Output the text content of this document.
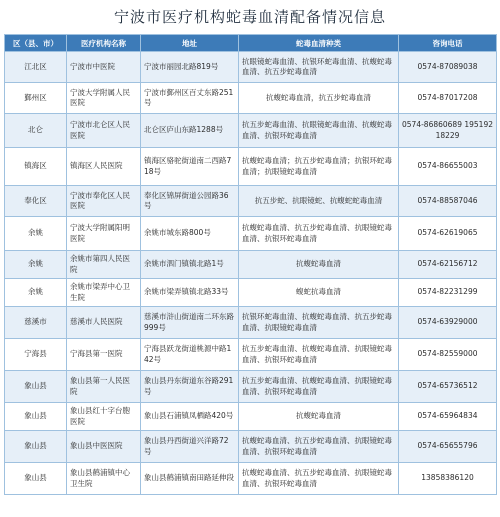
宁波市医疗机构蛇毒血清配备情况信息
区（县、市）	医疗机构名称	地址	蛇毒血清种类	咨询电话
江北区	宁波市中医院	宁波市丽园北路819号	抗眼镜蛇毒血清、抗银环蛇毒血清、抗蝮蛇毒血清、抗五步蛇毒血清	0574-87089038
鄞州区	宁波大学附属人民医院	宁波市鄞州区百丈东路251号	抗蝮蛇毒血清，抗五步蛇毒血清	0574-87017208
北仑	宁波市北仑区人民医院	北仑区庐山东路1288号	抗五步蛇毒血清、抗眼镜蛇毒血清、抗蝮蛇毒血清、抗银环蛇毒血清	0574-86860689 19519218229
镇海区	镇海区人民医院	镇海区骆驼街道南二西路718号	抗蝮蛇毒血清；抗五步蛇毒血清；抗银环蛇毒血清；抗眼镜蛇毒血清	0574-86655003
奉化区	宁波市奉化区人民医院	奉化区锦屏街道公园路36号	抗五步蛇、抗眼镜蛇、抗蝮蛇蛇毒血清	0574-88587046
余姚	宁波大学附属阳明医院	余姚市城东路800号	抗蝮蛇毒血清、抗五步蛇毒血清、抗眼镜蛇毒血清、抗银环蛇毒血清	0574-62619065
余姚	余姚市第四人民医院	余姚市泗门镇镇北路1号	抗蝮蛇毒血清	0574-62156712
余姚	余姚市梁弄中心卫生院	余姚市梁弄镇镇北路33号	蝮蛇抗毒血清	0574-82231299
慈溪市	慈溪市人民医院	慈溪市浒山街道南二环东路999号	抗银环蛇毒血清、抗蝮蛇毒血清、抗五步蛇毒血清、抗眼镜蛇毒血清	0574-63929000
宁海县	宁海县第一医院	宁海县跃龙街道桃源中路142号	抗五步蛇毒血清、抗蝮蛇毒血清、抗眼镜蛇毒血清、抗银环蛇毒血清	0574-82559000
象山县	象山县第一人民医院	象山县丹东街道东谷路291号	抗五步蛇毒血清、抗蝮蛇毒血清、抗眼镜蛇毒血清、抗银环蛇毒血清	0574-65736512
象山县	象山县红十字台胞医院	象山县石浦镇凤栖路420号	抗蝮蛇毒血清	0574-65964834
象山县	象山县中医医院	象山县丹西街道兴洋路72号	抗蝮蛇毒血清、抗五步蛇毒血清、抗眼镜蛇毒血清、抗银环蛇毒血清	0574-65655796
象山县	象山县鹤浦镇中心卫生院	象山县鹤浦镇南田路延伸段	抗蝮蛇毒血清、抗五步蛇毒血清、抗眼镜蛇毒血清、抗银环蛇毒血清	13858386120
